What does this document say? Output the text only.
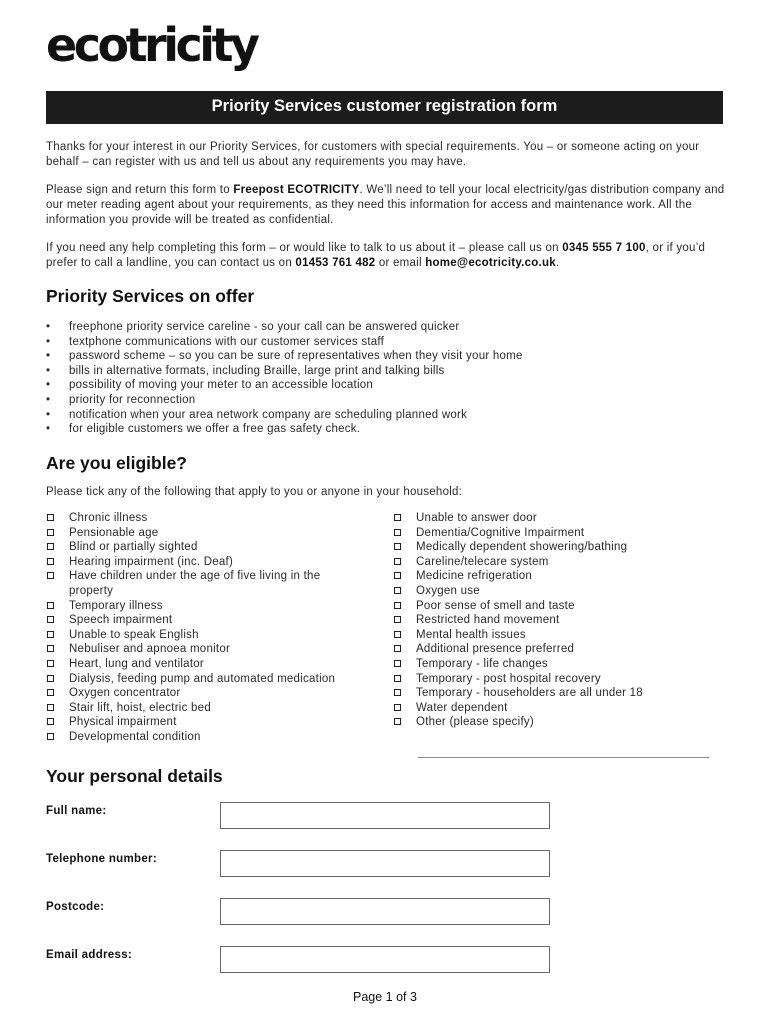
ecotricity
Priority Services customer registration form

Thanks for your interest in our Priority Services, for customers with special requirements. You – or someone acting on your behalf – can register with us and tell us about any requirements you may have.

Please sign and return this form to Freepost ECOTRICITY. We’ll need to tell your local electricity/gas distribution company and our meter reading agent about your requirements, as they need this information for access and maintenance work. All the information you provide will be treated as confidential.

If you need any help completing this form – or would like to talk to us about it – please call us on 0345 555 7 100, or if you’d prefer to call a landline, you can contact us on 01453 761 482 or email home@ecotricity.co.uk.

Priority Services on offer
• freephone priority service careline - so your call can be answered quicker
• textphone communications with our customer services staff
• password scheme – so you can be sure of representatives when they visit your home
• bills in alternative formats, including Braille, large print and talking bills
• possibility of moving your meter to an accessible location
• priority for reconnection
• notification when your area network company are scheduling planned work
• for eligible customers we offer a free gas safety check.
Are you eligible?

Please tick any of the following that apply to you or anyone in your household:

Chronic illness
Pensionable age
Blind or partially sighted
Hearing impairment (inc. Deaf)
Have children under the age of five living in the property
Temporary illness
Speech impairment
Unable to speak English
Nebuliser and apnoea monitor
Heart, lung and ventilator
Dialysis, feeding pump and automated medication
Oxygen concentrator
Stair lift, hoist, electric bed
Physical impairment
Developmental condition
Unable to answer door
Dementia/Cognitive Impairment
Medically dependent showering/bathing
Careline/telecare system
Medicine refrigeration
Oxygen use
Poor sense of smell and taste
Restricted hand movement
Mental health issues
Additional presence preferred
Temporary - life changes
Temporary - post hospital recovery
Temporary - householders are all under 18
Water dependent
Other (please specify)
Your personal details
Full name:
Telephone number:
Postcode:
Email address:
Page 1 of 3
